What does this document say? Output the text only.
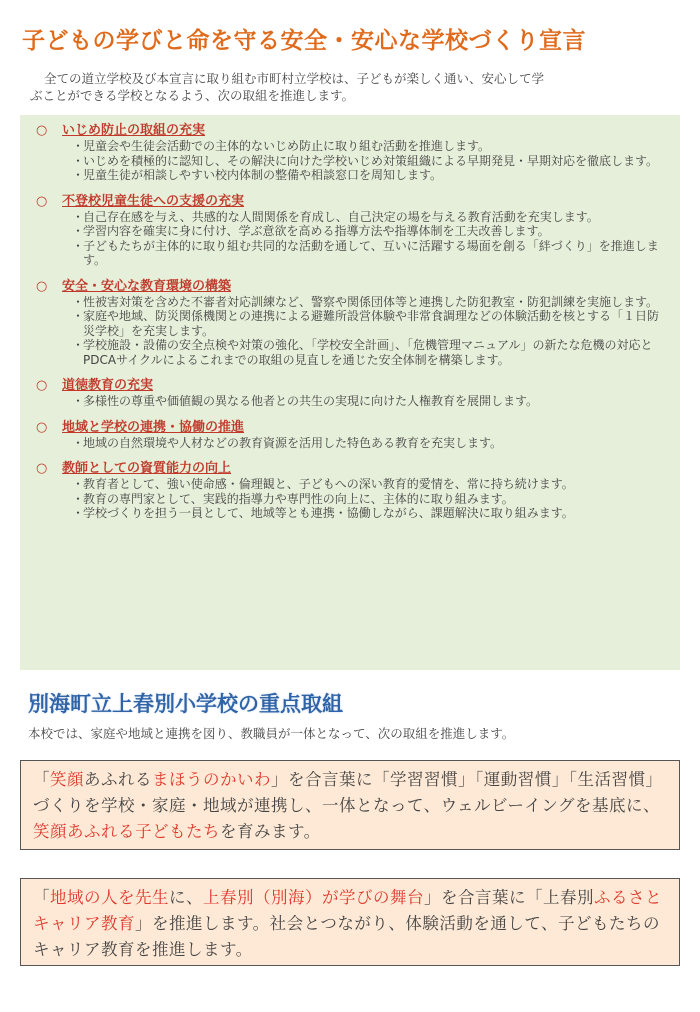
子どもの学びと命を守る安全・安心な学校づくり宣言
全ての道立学校及び本宣言に取り組む市町村立学校は、子どもが楽しく通い、安心して学
ぶことができる学校となるよう、次の取組を推進します。
○	いじめ防止の取組の充実
・
児童会や生徒会活動での主体的ないじめ防止に取り組む活動を推進します。
・
いじめを積極的に認知し、その解決に向けた学校いじめ対策組織による早期発見・早期対応を徹底します。
・
児童生徒が相談しやすい校内体制の整備や相談窓口を周知します。
○	不登校児童生徒への支援の充実
・
自己存在感を与え、共感的な人間関係を育成し、自己決定の場を与える教育活動を充実します。
・
学習内容を確実に身に付け、学ぶ意欲を高める指導方法や指導体制を工夫改善します。
・
子どもたちが主体的に取り組む共同的な活動を通して、互いに活躍する場面を創る「絆づくり」を推進します。
○	安全・安心な教育環境の構築
・
性被害対策を含めた不審者対応訓練など、警察や関係団体等と連携した防犯教室・防犯訓練を実施します。
・
家庭や地域、防災関係機関との連携による避難所設営体験や非常食調理などの体験活動を核とする「１日防災学校」を充実します。
・
学校施設・設備の安全点検や対策の強化、「学校安全計画」、「危機管理マニュアル」の新たな危機の対応とPDCAサイクルによるこれまでの取組の見直しを通じた安全体制を構築します。
○	道徳教育の充実
・
多様性の尊重や価値観の異なる他者との共生の実現に向けた人権教育を展開します。
○	地域と学校の連携・協働の推進
・
地域の自然環境や人材などの教育資源を活用した特色ある教育を充実します。
○	教師としての資質能力の向上
・
教育者として、強い使命感・倫理観と、子どもへの深い教育的愛情を、常に持ち続けます。
・
教育の専門家として、実践的指導力や専門性の向上に、主体的に取り組みます。
・
学校づくりを担う一員として、地域等とも連携・協働しながら、課題解決に取り組みます。
別海町立上春別小学校の重点取組
本校では、家庭や地域と連携を図り、教職員が一体となって、次の取組を推進します。
「笑顔あふれるまほうのかいわ」を合言葉に「学習習慣」「運動習慣」「生活習慣」づくりを学校・家庭・地域が連携し、一体となって、ウェルビーイングを基底に、笑顔あふれる子どもたちを育みます。
「地域の人を先生に、上春別（別海）が学びの舞台」を合言葉に「上春別ふるさとキャリア教育」を推進します。社会とつながり、体験活動を通して、子どもたちのキャリア教育を推進します。
